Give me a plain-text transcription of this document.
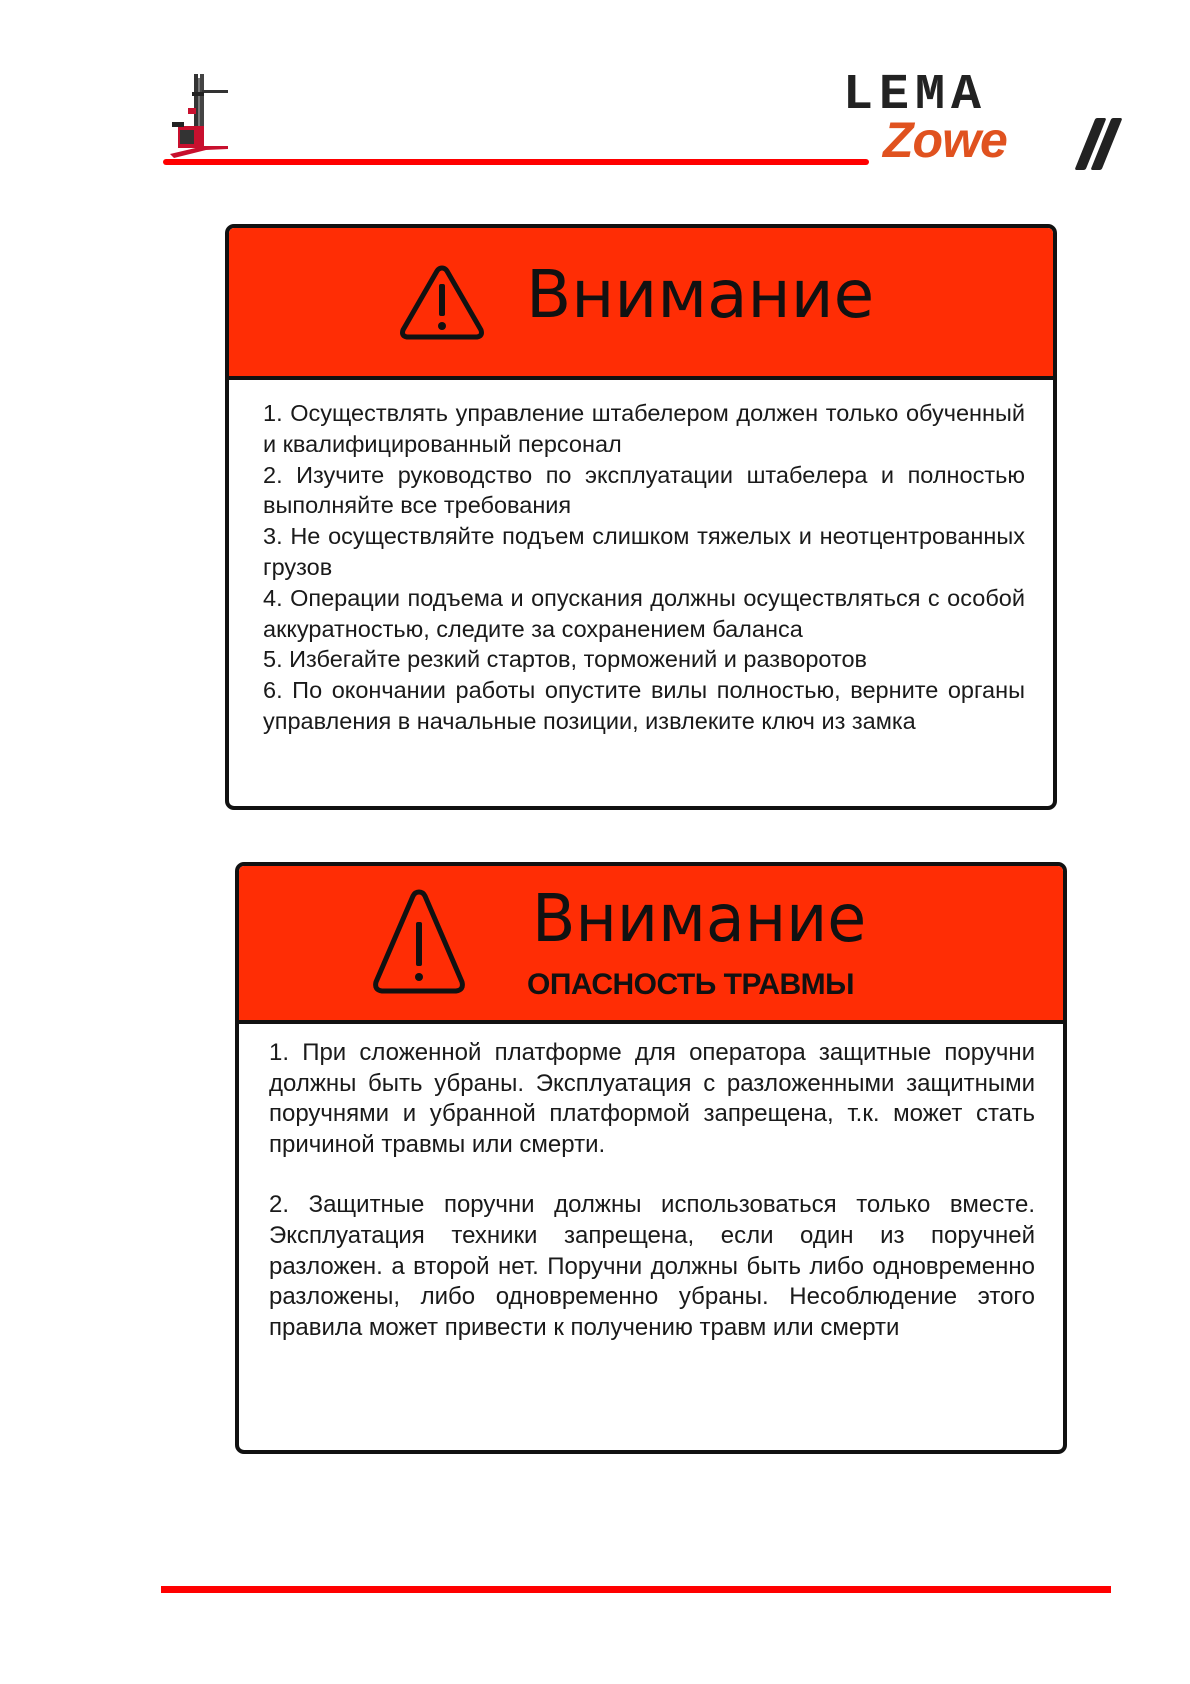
LEMA
Zowe
Внимание
1. Осуществлять управление штабелером должен только обученный и квалифицированный персонал
2. Изучите руководство по эксплуатации штабелера и полностью выполняйте все требования
3. Не осуществляйте подъем слишком тяжелых и неотцентрованных грузов
4. Операции подъема и опускания должны осуществляться с особой аккуратностью, следите за сохранением баланса
5. Избегайте резкий стартов, торможений и разворотов
6. По окончании работы опустите вилы полностью, верните органы управления в начальные позиции, извлеките ключ из замка
Внимание
ОПАСНОСТЬ ТРАВМЫ
1. При сложенной платформе для оператора защитные поручни должны быть убраны. Эксплуатация с разложенными защитными поручнями и убранной платформой запрещена, т.к. может стать причиной травмы или смерти.
2. Защитные поручни должны использоваться только вместе. Эксплуатация техники запрещена, если один из поручней разложен. а второй нет. Поручни должны быть либо одновременно разложены, либо одновременно убраны. Несоблюдение этого правила может привести к получению травм или смерти
